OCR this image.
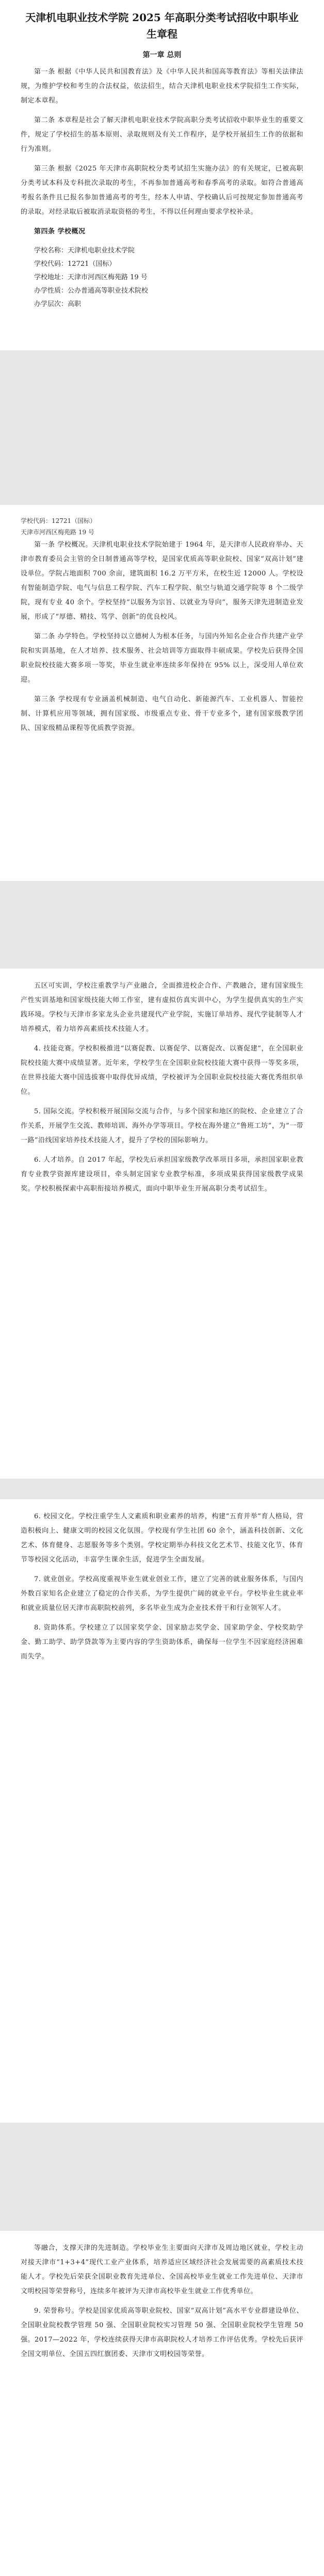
天津机电职业技术学院 2025 年高职分类考试招收中职毕业生章程
第一章 总则

第一条 根据《中华人民共和国教育法》及《中华人民共和国高等教育法》等相关法律法规，为维护学校和考生的合法权益，依法招生，结合天津机电职业技术学院招生工作实际，制定本章程。

第二条 本章程是社会了解天津机电职业技术学院高职分类考试招收中职毕业生的重要文件，规定了学校招生的基本原则、录取规则及有关工作程序，是学校开展招生工作的依据和行为准则。

第三条 根据《2025 年天津市高职院校分类考试招生实施办法》的有关规定，已被高职分类考试本科及专科批次录取的考生，不再参加普通高考和春季高考的录取。如符合普通高考报名条件且已报名参加普通高考的考生，经本人申请、学校确认后可按规定参加普通高考的录取。对经录取后被取消录取资格的考生，不得以任何理由要求学校补录。

第四条 学校概况

学校名称：天津机电职业技术学院
学校代码：12721（国标）
学校地址：天津市河西区梅苑路 19 号
办学性质：公办普通高等职业技术院校
办学层次：高职
学校代码：12721（国标）
天津市河西区梅苑路 19 号

第一条 学校概况。天津机电职业技术学院始建于 1964 年，是天津市人民政府举办、天津市教育委员会主管的全日制普通高等学校，是国家优质高等职业院校、国家“双高计划”建设单位。学院占地面积 700 余亩，建筑面积 16.2 万平方米，在校生近 12000 人。学校设有智能制造学院、电气与信息工程学院、汽车工程学院、航空与轨道交通学院等 8 个二级学院，现有专业 40 余个。学校坚持“以服务为宗旨、以就业为导向”，服务天津先进制造业发展，形成了“厚德、精技、笃学、创新”的优良校风。

第二条 办学特色。学校坚持以立德树人为根本任务，与国内外知名企业合作共建产业学院和实训基地，在人才培养、技术服务、社会培训等方面取得丰硕成果。学校先后获得全国职业院校技能大赛多项一等奖，毕业生就业率连续多年保持在 95% 以上，深受用人单位欢迎。

第三条 学校现有专业涵盖机械制造、电气自动化、新能源汽车、工业机器人、智能控制、计算机应用等领域，拥有国家级、市级重点专业、骨干专业多个，建有国家级教学团队、国家级精品课程等优质教学资源。

五区可实训，学校注重教学与产业融合，全面推进校企合作、产教融合，建有国家级生产性实训基地和国家级技能大师工作室，建有虚拟仿真实训中心，为学生提供真实的生产实践环境。学校与天津市多家龙头企业共建现代产业学院，实施订单培养、现代学徒制等人才培养模式，着力培养高素质技术技能人才。

4. 技能竞赛。学校积极推进“以赛促教、以赛促学、以赛促改、以赛促建”，在全国职业院校技能大赛中成绩显著。近年来，学校学生在全国职业院校技能大赛中获得一等奖多项，在世界技能大赛中国选拔赛中取得优异成绩，学校被评为全国职业院校技能大赛优秀组织单位。

5. 国际交流。学校积极开展国际交流与合作，与多个国家和地区的院校、企业建立了合作关系，开展学生交流、教师培训、海外办学等项目。学校在海外建立“鲁班工坊”，为“一带一路”沿线国家培养技术技能人才，提升了学校的国际影响力。

6. 人才培养。自 2017 年起，学校先后承担国家级教学改革项目多项，承担国家职业教育专业教学资源库建设项目，牵头制定国家专业教学标准，多项成果获得国家级教学成果奖。学校积极探索中高职衔接培养模式，面向中职毕业生开展高职分类考试招生。

6. 校园文化。学校注重学生人文素质和职业素养的培养，构建“五育并举”育人格局，营造积极向上、健康文明的校园文化氛围。学校现有学生社团 60 余个，涵盖科技创新、文化艺术、体育健身、志愿服务等多个类别。学校定期举办科技文化艺术节、技能文化节、体育节等校园文化活动，丰富学生课余生活，促进学生全面发展。

7. 就业创业。学校高度重视毕业生就业创业工作，建立了完善的就业服务体系，与国内外数百家知名企业建立了稳定的合作关系，为学生提供广阔的就业平台。学校毕业生就业率和就业质量位居天津市高职院校前列，多名毕业生成为企业技术骨干和行业领军人才。

8. 资助体系。学校建立了以国家奖学金、国家励志奖学金、国家助学金、学校奖助学金、勤工助学、助学贷款等为主要内容的学生资助体系，确保每一位学生不因家庭经济困难而失学。

等融合，支撑天津的先进制造。学校毕业生主要面向天津市及周边地区就业，学校主动对接天津市“1+3+4”现代工业产业体系，培养适应区域经济社会发展需要的高素质技术技能人才。学校先后荣获全国职业教育先进单位、全国高校毕业生就业工作先进单位、天津市文明校园等荣誉称号，连续多年被评为天津市高校毕业生就业工作优秀单位。

9. 荣誉称号。学校是国家优质高等职业院校、国家“双高计划”高水平专业群建设单位、全国职业院校教学管理 50 强、全国职业院校实习管理 50 强、全国职业院校学生管理 50 强。2017—2022 年，学校连续获得天津市高职院校人才培养工作评估优秀。学校先后获评全国文明单位、全国五四红旗团委、天津市文明校园等荣誉。
